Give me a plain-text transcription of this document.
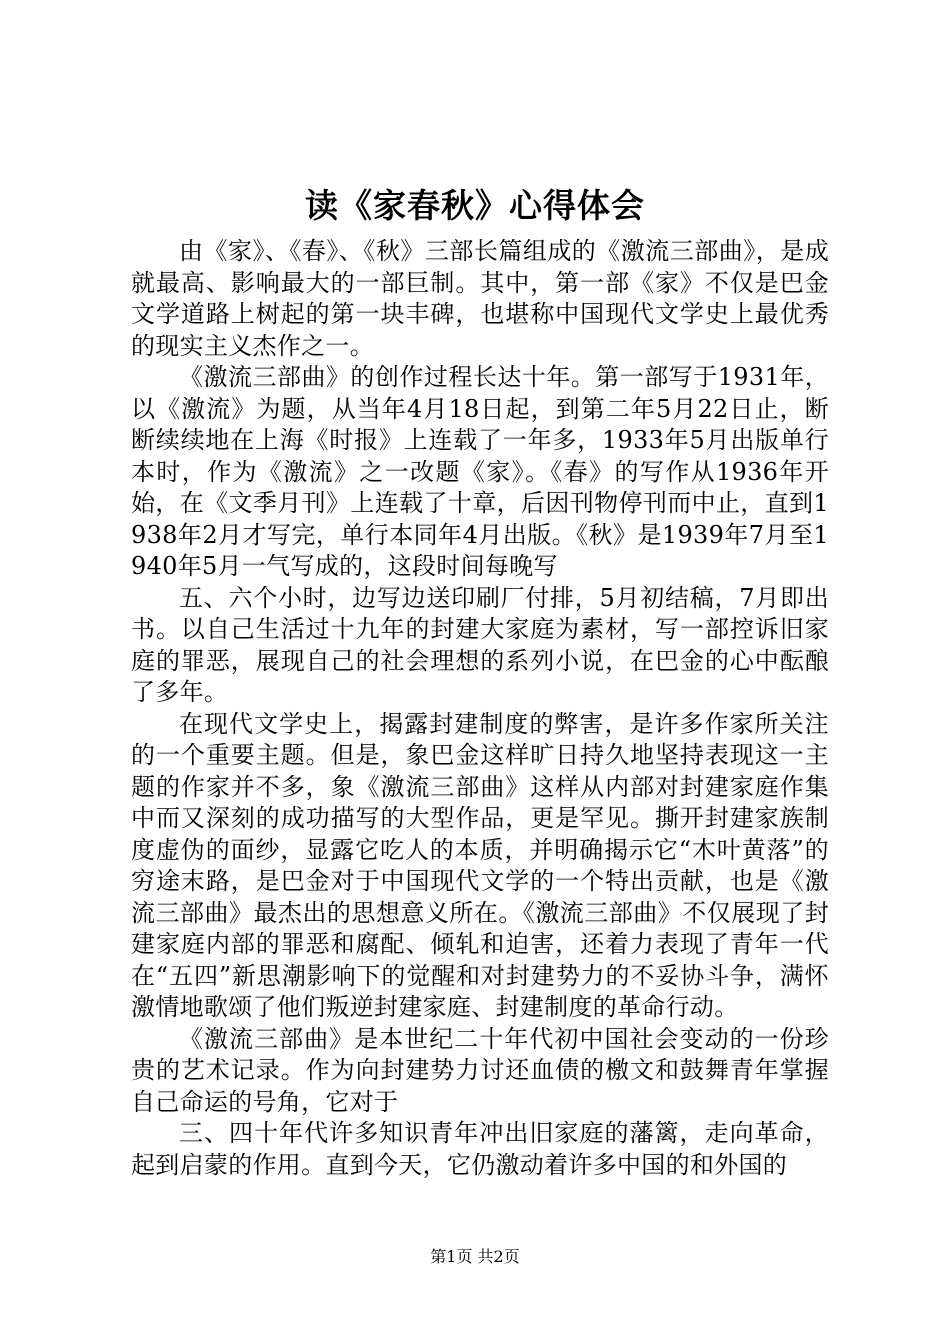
读《家春秋》心得体会

由《家》、《春》、《秋》三部长篇组成的《激流三部曲》，是成就最高、影响最大的一部巨制。其中，第一部《家》不仅是巴金文学道路上树起的第一块丰碑，也堪称中国现代文学史上最优秀的现实主义杰作之一。

《激流三部曲》的创作过程长达十年。第一部写于1931年，以《激流》为题，从当年4月18日起，到第二年5月22日止，断断续续地在上海《时报》上连载了一年多，1933年5月出版单行本时，作为《激流》之一改题《家》。《春》的写作从1936年开始，在《文季月刊》上连载了十章，后因刊物停刊而中止，直到1938年2月才写完，单行本同年4月出版。《秋》是1939年7月至1940年5月一气写成的，这段时间每晚写

五、六个小时，边写边送印刷厂付排，5月初结稿，7月即出书。以自己生活过十九年的封建大家庭为素材，写一部控诉旧家庭的罪恶，展现自己的社会理想的系列小说，在巴金的心中酝酿了多年。

在现代文学史上，揭露封建制度的弊害，是许多作家所关注的一个重要主题。但是，象巴金这样旷日持久地坚持表现这一主题的作家并不多，象《激流三部曲》这样从内部对封建家庭作集中而又深刻的成功描写的大型作品，更是罕见。撕开封建家族制度虚伪的面纱，显露它吃人的本质，并明确揭示它“木叶黄落”的穷途末路，是巴金对于中国现代文学的一个特出贡献，也是《激流三部曲》最杰出的思想意义所在。《激流三部曲》不仅展现了封建家庭内部的罪恶和腐配、倾轧和迫害，还着力表现了青年一代在“五四”新思潮影响下的觉醒和对封建势力的不妥协斗争，满怀激情地歌颂了他们叛逆封建家庭、封建制度的革命行动。

《激流三部曲》是本世纪二十年代初中国社会变动的一份珍贵的艺术记录。作为向封建势力讨还血债的檄文和鼓舞青年掌握自己命运的号角，它对于

三、四十年代许多知识青年冲出旧家庭的藩篱，走向革命，起到启蒙的作用。直到今天，它仍激动着许多中国的和外国的

第1页 共2页
